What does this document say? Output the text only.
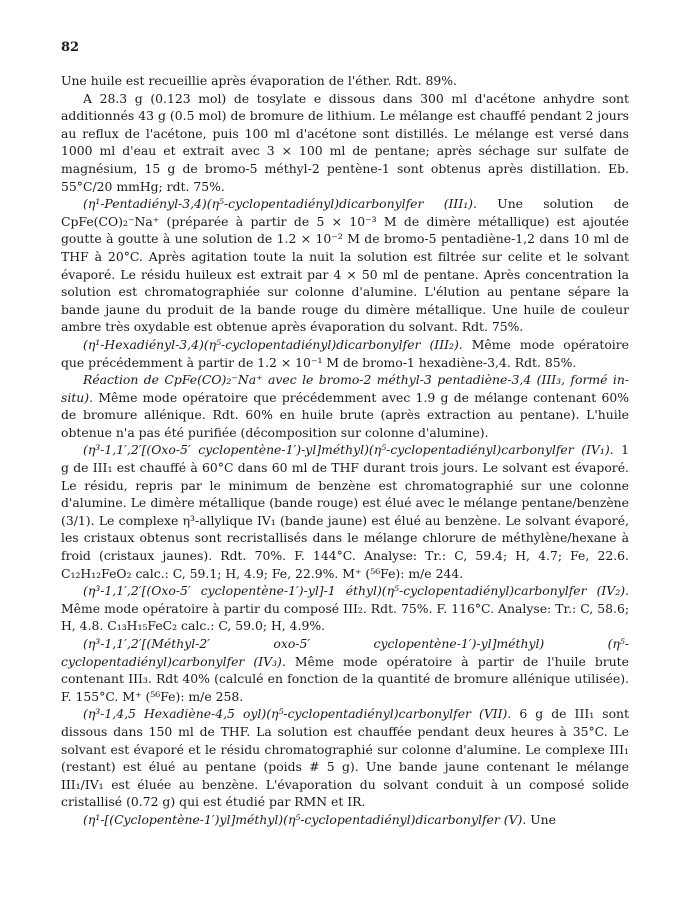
82

Une huile est recueillie après évaporation de l'éther. Rdt. 89%.

A 28.3 g (0.123 mol) de tosylate e dissous dans 300 ml d'acétone anhydre sont additionnés 43 g (0.5 mol) de bromure de lithium. Le mélange est chauffé pendant 2 jours au reflux de l'acétone, puis 100 ml d'acétone sont distillés. Le mélange est versé dans 1000 ml d'eau et extrait avec 3 × 100 ml de pentane; après séchage sur sulfate de magnésium, 15 g de bromo-5 méthyl-2 pentène-1 sont obtenus après distillation. Eb. 55°C/20 mmHg; rdt. 75%.

(η¹-Pentadiényl-3,4)(η⁵-cyclopentadiényl)dicarbonylfer (III₁). Une solution de CpFe(CO)₂⁻Na⁺ (préparée à partir de 5 × 10⁻³ M de dimère métallique) est ajoutée goutte à goutte à une solution de 1.2 × 10⁻² M de bromo-5 pentadiène-1,2 dans 10 ml de THF à 20°C. Après agitation toute la nuit la solution est filtrée sur celite et le solvant évaporé. Le résidu huileux est extrait par 4 × 50 ml de pentane. Après concentration la solution est chromatographiée sur colonne d'alumine. L'élution au pentane sépare la bande jaune du produit de la bande rouge du dimère métallique. Une huile de couleur ambre très oxydable est obtenue après évaporation du solvant. Rdt. 75%.

(η¹-Hexadiényl-3,4)(η⁵-cyclopentadiényl)dicarbonylfer (III₂). Même mode opératoire que précédemment à partir de 1.2 × 10⁻¹ M de bromo-1 hexadiène-3,4. Rdt. 85%.

Réaction de CpFe(CO)₂⁻Na⁺ avec le bromo-2 méthyl-3 pentadiène-3,4 (III₃, formé in-situ). Même mode opératoire que précédemment avec 1.9 g de mélange contenant 60% de bromure allénique. Rdt. 60% en huile brute (après extraction au pentane). L'huile obtenue n'a pas été purifiée (décomposition sur colonne d'alumine).

(η³-1,1′,2′[(Oxo-5′ cyclopentène-1′)-yl]méthyl)(η⁵-cyclopentadiényl)carbonylfer (IV₁). 1 g de III₁ est chauffé à 60°C dans 60 ml de THF durant trois jours. Le solvant est évaporé. Le résidu, repris par le minimum de benzène est chromatographié sur une colonne d'alumine. Le dimère métallique (bande rouge) est élué avec le mélange pentane/benzène (3/1). Le complexe η³-allylique IV₁ (bande jaune) est élué au benzène. Le solvant évaporé, les cristaux obtenus sont recristallisés dans le mélange chlorure de méthylène/hexane à froid (cristaux jaunes). Rdt. 70%. F. 144°C. Analyse: Tr.: C, 59.4; H, 4.7; Fe, 22.6. C₁₂H₁₂FeO₂ calc.: C, 59.1; H, 4.9; Fe, 22.9%. M⁺ (⁵⁶Fe): m/e 244.

(η³-1,1′,2′[(Oxo-5′ cyclopentène-1′)-yl]-1 éthyl)(η⁵-cyclopentadiényl)carbonylfer (IV₂). Même mode opératoire à partir du composé III₂. Rdt. 75%. F. 116°C. Analyse: Tr.: C, 58.6; H, 4.8. C₁₃H₁₅FeC₂ calc.: C, 59.0; H, 4.9%.

(η³-1,1′,2′[(Méthyl-2′ oxo-5′ cyclopentène-1′)-yl]méthyl) (η⁵-cyclopentadiényl)carbonylfer (IV₃). Même mode opératoire à partir de l'huile brute contenant III₃. Rdt 40% (calculé en fonction de la quantité de bromure allénique utilisée). F. 155°C. M⁺ (⁵⁶Fe): m/e 258.

(η³-1,4,5 Hexadiène-4,5 oyl)(η⁵-cyclopentadiényl)carbonylfer (VII). 6 g de III₁ sont dissous dans 150 ml de THF. La solution est chauffée pendant deux heures à 35°C. Le solvant est évaporé et le résidu chromatographié sur colonne d'alumine. Le complexe III₁ (restant) est élué au pentane (poids # 5 g). Une bande jaune contenant le mélange III₁/IV₁ est éluée au benzène. L'évaporation du solvant conduit à un composé solide cristallisé (0.72 g) qui est étudié par RMN et IR.

(η¹-[(Cyclopentène-1′)yl]méthyl)(η⁵-cyclopentadiényl)dicarbonylfer (V). Une
